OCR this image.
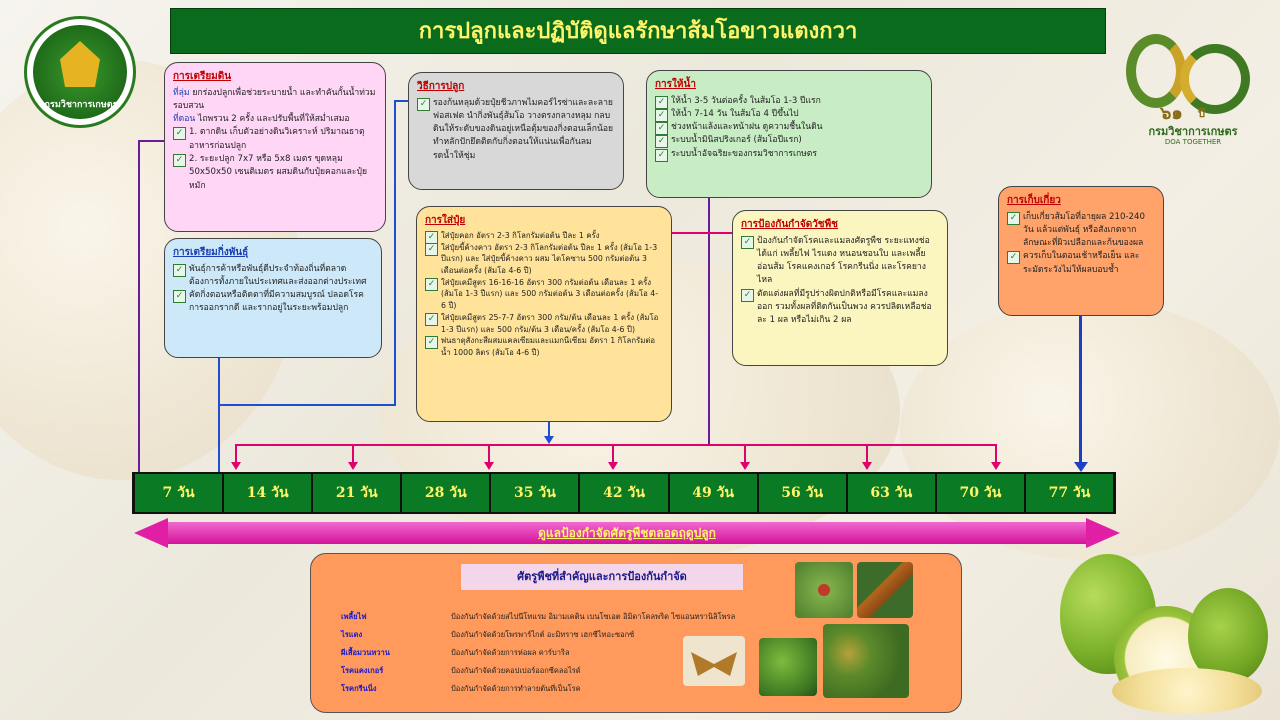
กรมวิชาการเกษตร	๖๑ ปี
กรมวิชาการเกษตร
DOA TOGETHER
การปลูกและปฏิบัติดูแลรักษาส้มโอขาวแตงกวา
การเตรียมดิน
ที่ลุ่ม ยกร่องปลูกเพื่อช่วยระบายน้ำ และทำคันกั้นน้ำท่วมรอบสวน
ที่ดอน ไถพรวน 2 ครั้ง และปรับพื้นที่ให้สม่ำเสมอ
✓ 1. ตากดิน เก็บตัวอย่างดินวิเคราะห์ ปริมาณธาตุอาหารก่อนปลูก
✓ 2. ระยะปลูก 7x7 หรือ 5x8 เมตร ขุดหลุม 50x50x50 เซนติเมตร ผสมดินกับปุ๋ยคอกและปุ๋ยหมัก
การเตรียมกิ่งพันธุ์
✓ พันธุ์การค้าหรือพันธุ์ดีประจำท้องถิ่นที่ตลาดต้องการทั้งภายในประเทศและส่งออกต่างประเทศ
✓ คัดกิ่งตอนหรือติดตาที่มีความสมบูรณ์ ปลอดโรค การออกรากดี และรากอยู่ในระยะพร้อมปลูก
วิธีการปลูก
✓ รองก้นหลุมด้วยปุ๋ยชีวภาพไมคอร์ไรซ่าและละลายฟอสเฟต นำกิ่งพันธุ์ส้มโอ วางตรงกลางหลุม กลบดินให้ระดับของดินอยู่เหนือตุ้มของกิ่งตอนเล็กน้อยทำหลักปักยึดติดกับกิ่งตอนให้แน่นเพื่อกันลม รดน้ำให้ชุ่ม
การให้น้ำ
✓ ให้น้ำ 3-5 วันต่อครั้ง ในส้มโอ 1-3 ปีแรก
✓ ให้น้ำ 7-14 วัน ในส้มโอ 4 ปีขึ้นไป
✓ ช่วงหน้าแล้งและหน้าฝน ดูความชื้นในดิน
✓ ระบบน้ำมินิสปริงเกอร์ (ส้มโอปีแรก)
✓ ระบบน้ำอัจฉริยะของกรมวิชาการเกษตร
การใส่ปุ๋ย
✓ ใส่ปุ๋ยคอก อัตรา 2-3 กิโลกรัมต่อต้น ปีละ 1 ครั้ง
✓ ใส่ปุ๋ยขี้ค้างคาว อัตรา 2-3 กิโลกรัมต่อต้น ปีละ 1 ครั้ง (ส้มโอ 1-3 ปีแรก) และ ใส่ปุ๋ยขี้ค้างคาว ผสม ไตโคซาน 500 กรัมต่อต้น 3 เดือนต่อครั้ง (ส้มโอ 4-6 ปี)
✓ ใส่ปุ๋ยเคมีสูตร 16-16-16 อัตรา 300 กรัมต่อต้น เดือนละ 1 ครั้ง (ส้มโอ 1-3 ปีแรก) และ 500 กรัมต่อต้น 3 เดือนต่อครั้ง (ส้มโอ 4-6 ปี)
✓ ใส่ปุ๋ยเคมีสูตร 25-7-7 อัตรา 300 กรัม/ต้น เดือนละ 1 ครั้ง (ส้มโอ 1-3 ปีแรก) และ 500 กรัม/ต้น 3 เดือน/ครั้ง (ส้มโอ 4-6 ปี)
✓ พ่นธาตุสังกะสีผสมแคลเซียมและแมกนีเซียม อัตรา 1 กิโลกรัมต่อน้ำ 1000 ลิตร (ส้มโอ 4-6 ปี)
การป้องกันกำจัดวัชพืช
✓ ป้องกันกำจัดโรคและแมลงศัตรูพืช ระยะแทงช่อ ได้แก่ เพลี้ยไฟ ไรแดง หนอนชอนใบ และเพลี้ยอ่อนส้ม โรคแคงเกอร์ โรคกรีนนิ่ง และโรคยางไหล
✓ ตัดแต่งผลที่มีรูปร่างผิดปกติหรือมีโรคและแมลงออก รวมทั้งผลที่ติดกันเป็นพวง ควรปลิดเหลือช่อละ 1 ผล หรือไม่เกิน 2 ผล
การเก็บเกี่ยว
✓ เก็บเกี่ยวส้มโอที่อายุผล 210-240 วัน แล้วแต่พันธุ์ หรือสังเกตจากลักษณะที่ผิวเปลือกและก้นของผล
✓ ควรเก็บในตอนเช้าหรือเย็น และระมัดระวังไม่ให้ผลบอบช้ำ
7 วัน	14 วัน	21 วัน	28 วัน	35 วัน	42 วัน	49 วัน	56 วัน	63 วัน	70 วัน	77 วัน
ดูแลป้องกำจัดศัตรูพืชตลอดฤดูปลูก
ศัตรูพืชที่สำคัญและการป้องกันกำจัด
เพลี้ยไฟ	ป้องกันกำจัดด้วยสไปนีโทแรม อิมามเคติน เบนโซเอต อิมิดาโคลพริด ไซแอนทรานิลิโพรล
ไรแดง	ป้องกันกำจัดด้วยโพรพาร์ไกต์ อะมิทราซ เฮกซีไทอะซอกซ์
ผีเสื้อมวนหวาน	ป้องกันกำจัดด้วยการห่อผล คาร์บาริล
โรคแคงเกอร์	ป้องกันกำจัดด้วยคอปเปอร์ออกซีคลอไรด์
โรคกรีนนิ่ง	ป้องกันกำจัดด้วยการทำลายต้นที่เป็นโรค
